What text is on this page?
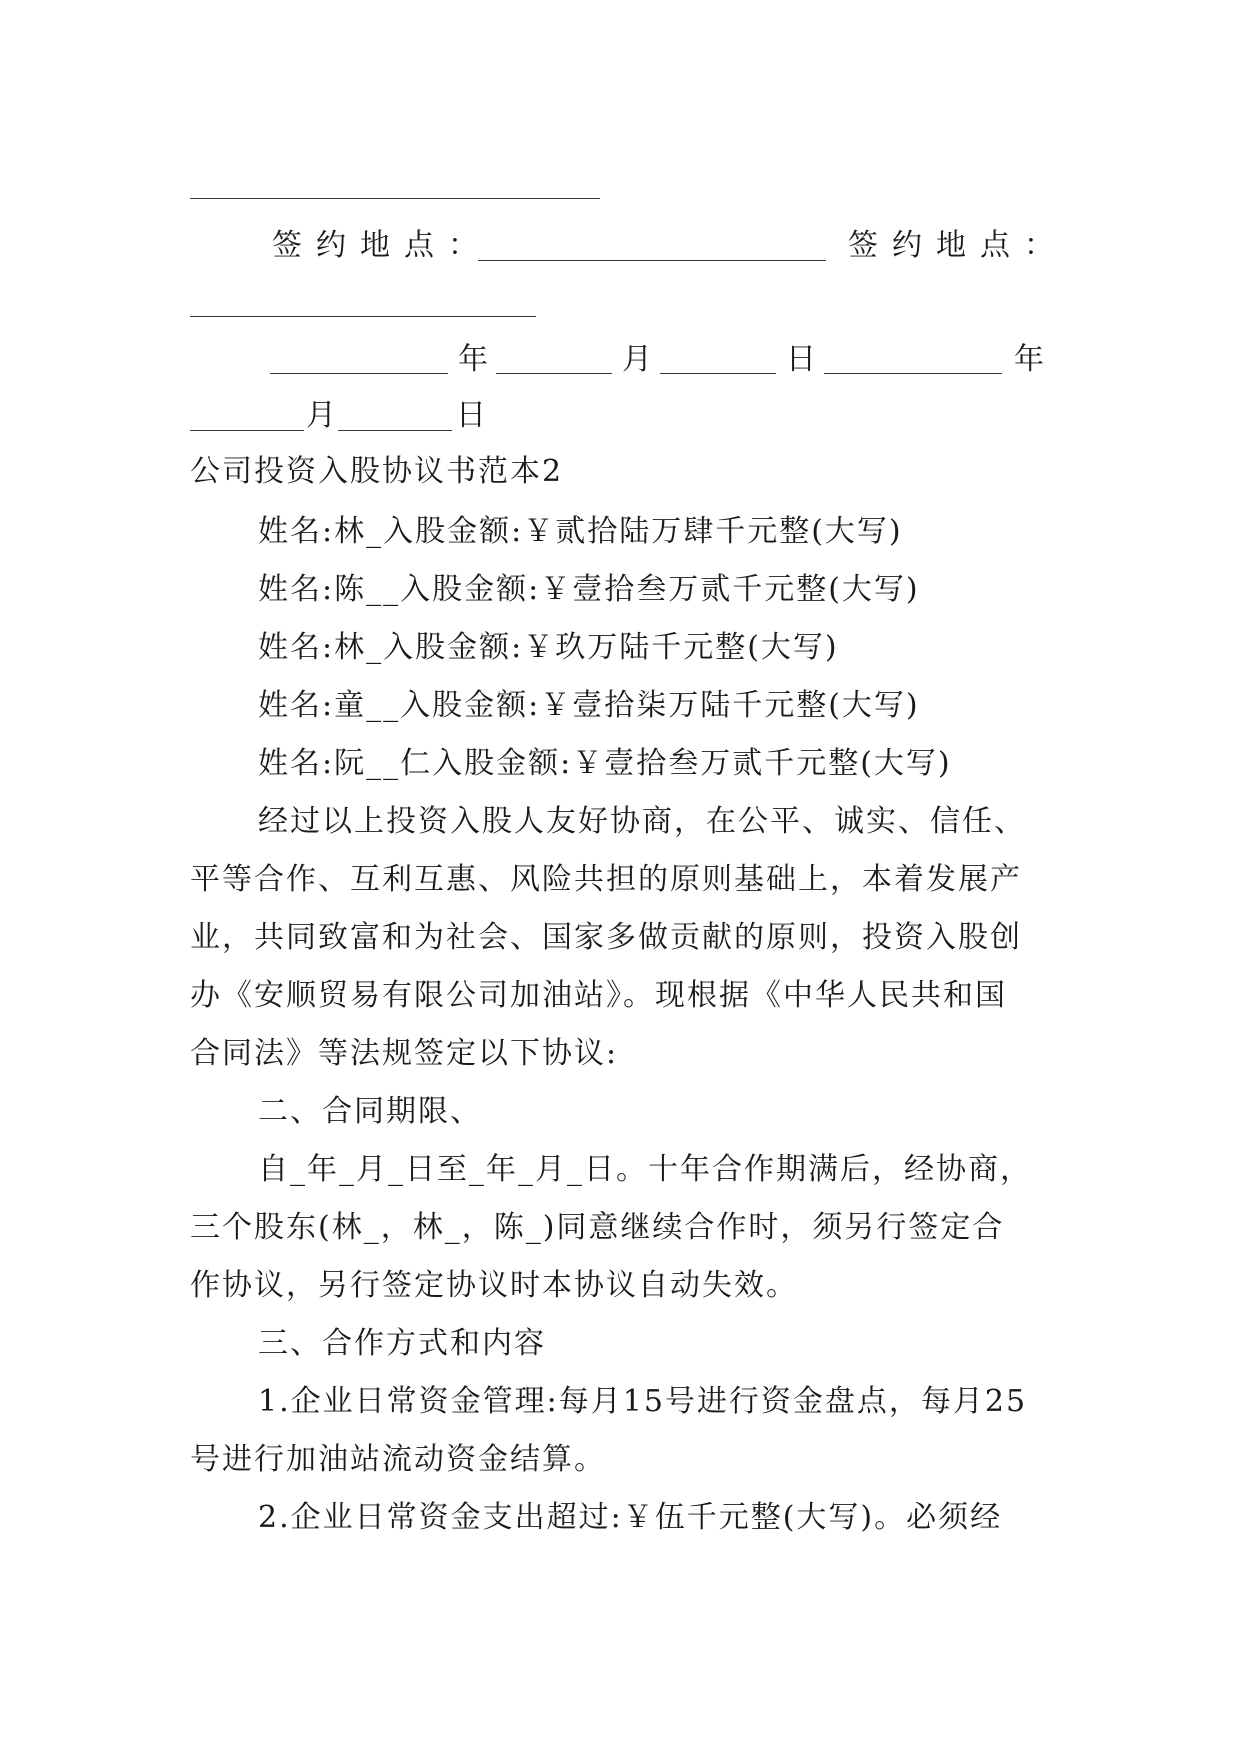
签约地点：	签约地点：
年	月	日	年
月	日
公司投资入股协议书范本2
姓名:林_入股金额:￥贰拾陆万肆千元整(大写)
姓名:陈__入股金额:￥壹拾叁万贰千元整(大写)
姓名:林_入股金额:￥玖万陆千元整(大写)
姓名:童__入股金额:￥壹拾柒万陆千元整(大写)
姓名:阮__仁入股金额:￥壹拾叁万贰千元整(大写)
经过以上投资入股人友好协商，在公平、诚实、信任、
平等合作、互利互惠、风险共担的原则基础上，本着发展产
业，共同致富和为社会、国家多做贡献的原则，投资入股创
办《安顺贸易有限公司加油站》。现根据《中华人民共和国
合同法》等法规签定以下协议:
二、合同期限、
自_年_月_日至_年_月_日。十年合作期满后，经协商，
三个股东(林_，林_，陈_)同意继续合作时，须另行签定合
作协议，另行签定协议时本协议自动失效。
三、合作方式和内容
1.企业日常资金管理:每月15号进行资金盘点，每月25
号进行加油站流动资金结算。
2.企业日常资金支出超过:￥伍千元整(大写)。必须经
